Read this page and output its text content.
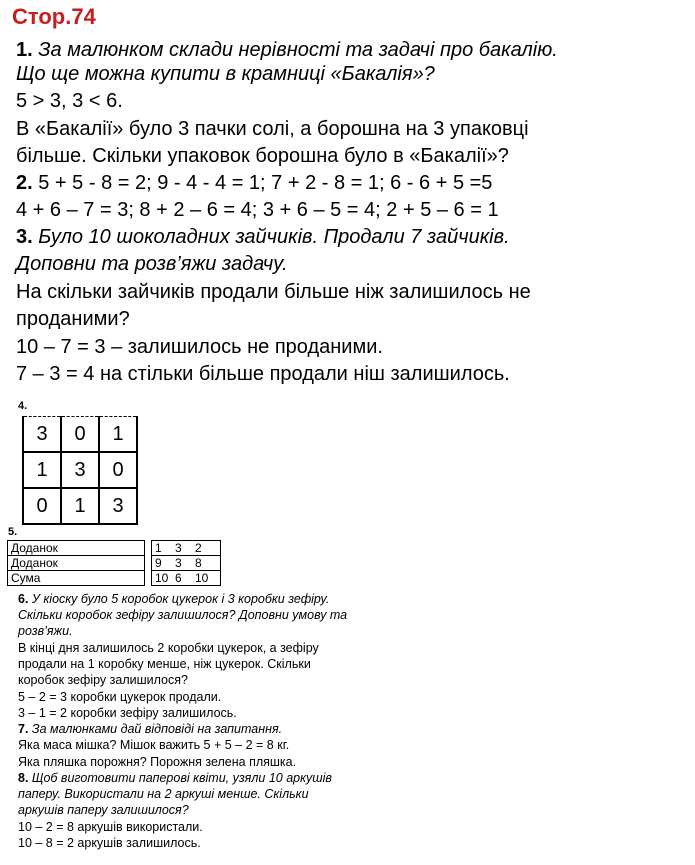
Стор.74
1. За малюнком склади нерівності та задачі про бакалію.
Що ще можна купити в крамниці «Бакалія»?
5 > 3, 3 < 6.
В «Бакалії» було 3 пачки солі, а борошна на 3 упаковці
більше. Скільки упаковок борошна було в «Бакалії»?
2. 5 + 5 - 8 = 2; 9 - 4 - 4 = 1; 7 + 2 - 8 = 1; 6 - 6 + 5 =5
4 + 6 – 7 = 3; 8 + 2 – 6 = 4; 3 + 6 – 5 = 4; 2 + 5 – 6 = 1
3. Було 10 шоколадних зайчиків. Продали 7 зайчиків.
Доповни та розв’яжи задачу.
На скільки зайчиків продали більше ніж залишилось не
проданими?
10 – 7 = 3 – залишилось не проданими.
7 – 3 = 4 на стільки більше продали ніш залишилось.
4.
3	0	1
1	3	0
0	1	3
5.
Доданок		1	3	2
Доданок		9	3	8
Сума		10	6	10
6. У кіоску було 5 коробок цукерок і 3 коробки зефіру.
Скільки коробок зефіру залишилося? Доповни умову та
розв’яжи.
В кінці дня залишилось 2 коробки цукерок, а зефіру
продали на 1 коробку менше, ніж цукерок. Скільки
коробок зефіру залишилося?
5 – 2 = 3 коробки цукерок продали.
3 – 1 = 2 коробки зефіру залишилось.
7. За малюнками дай відповіді на запитання.
Яка маса мішка? Мішок важить 5 + 5 – 2 = 8 кг.
Яка пляшка порожня? Порожня зелена пляшка.
8. Щоб виготовити паперові квіти, узяли 10 аркушів
паперу. Використали на 2 аркуші менше. Скільки
аркушів паперу залишилося?
10 – 2 = 8 аркушів використали.
10 – 8 = 2 аркушів залишилось.
